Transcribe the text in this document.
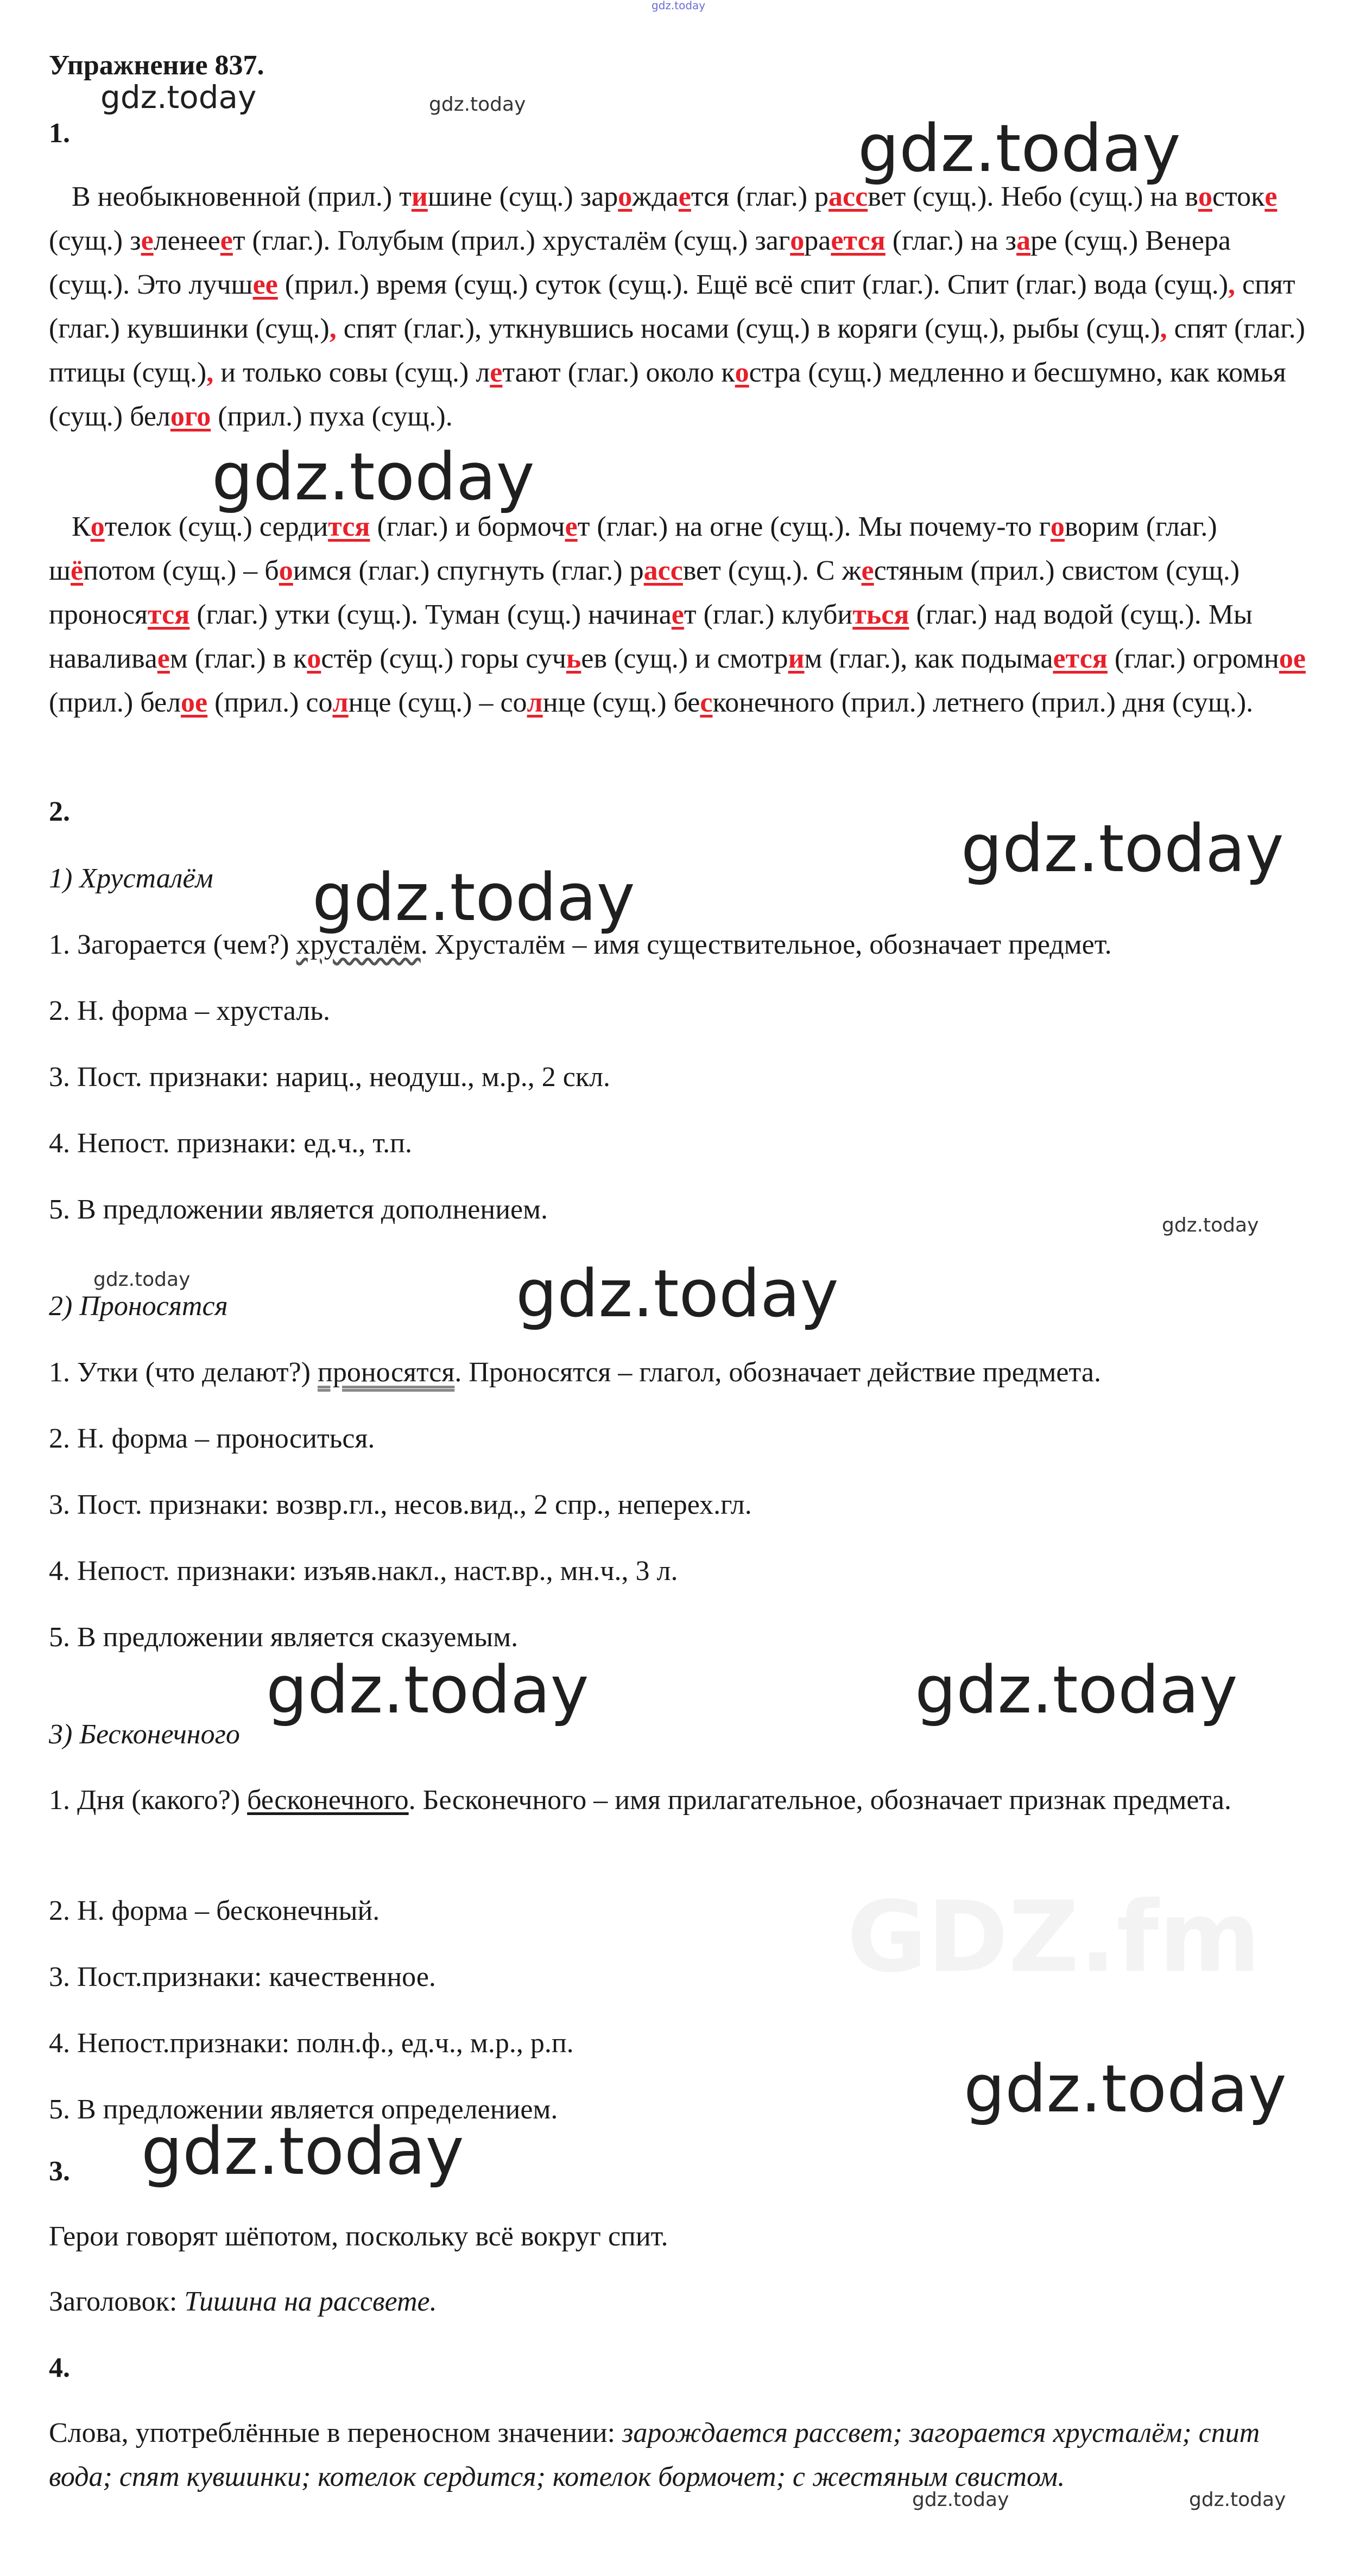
gdz.today
gdz.today	gdz.today
gdz.today
gdz.today
gdz.today
gdz.today
gdz.today
gdz.today	gdz.today
gdz.today	gdz.today
GDZ.fm
gdz.today
gdz.today
gdz.today	gdz.today

Упражнение 837.

1.

В необыкновенной (прил.) тишине (сущ.) зарождается (глаг.) рассвет (сущ.). Небо (сущ.) на востоке (сущ.) зеленееет (глаг.). Голубым (прил.) хрусталём (сущ.) загорается (глаг.) на заре (сущ.) Венера (сущ.). Это лучшее (прил.) время (сущ.) суток (сущ.). Ещё всё спит (глаг.). Спит (глаг.) вода (сущ.), спят (глаг.) кувшинки (сущ.), спят (глаг.), уткнувшись носами (сущ.) в коряги (сущ.), рыбы (сущ.), спят (глаг.) птицы (сущ.), и только совы (сущ.) летают (глаг.) около костра (сущ.) медленно и бесшумно, как комья (сущ.) белого (прил.) пуха (сущ.).

Котелок (сущ.) сердится (глаг.) и бормочет (глаг.) на огне (сущ.). Мы почему-то говорим (глаг.) шёпотом (сущ.) – боимся (глаг.) спугнуть (глаг.) рассвет (сущ.). С жестяным (прил.) свистом (сущ.) проносятся (глаг.) утки (сущ.). Туман (сущ.) начинает (глаг.) клубиться (глаг.) над водой (сущ.). Мы наваливaем (глаг.) в костёр (сущ.) горы сучьев (сущ.) и смотрим (глаг.), как подымается (глаг.) огромное (прил.) белое (прил.) солнце (сущ.) – солнце (сущ.) бесконечного (прил.) летнего (прил.) дня (сущ.).

2.

1) Хрусталём

1. Загорается (чем?) хрусталём. Хрусталём – имя существительное, обозначает предмет.

2. Н. форма – хрусталь.

3. Пост. признаки: нариц., неодуш., м.р., 2 скл.

4. Непост. признаки: ед.ч., т.п.

5. В предложении является дополнением.

2) Проносятся

1. Утки (что делают?) проносятся. Проносятся – глагол, обозначает действие предмета.

2. Н. форма – проноситься.

3. Пост. признаки: возвр.гл., несов.вид., 2 спр., неперех.гл.

4. Непост. признаки: изъяв.накл., наст.вр., мн.ч., 3 л.

5. В предложении является сказуемым.

3) Бесконечного

1. Дня (какого?) бесконечного. Бесконечного – имя прилагательное, обозначает признак предмета.

2. Н. форма – бесконечный.

3. Пост.признаки: качественное.

4. Непост.признаки: полн.ф., ед.ч., м.р., р.п.

5. В предложении является определением.

3.

Герои говорят шёпотом, поскольку всё вокруг спит.

Заголовок: Тишина на рассвете.

4.

Слова, употреблённые в переносном значении: зарождается рассвет; загорается хрусталём; спит вода; спят кувшинки; котелок сердится; котелок бормочет; с жестяным свистом.
